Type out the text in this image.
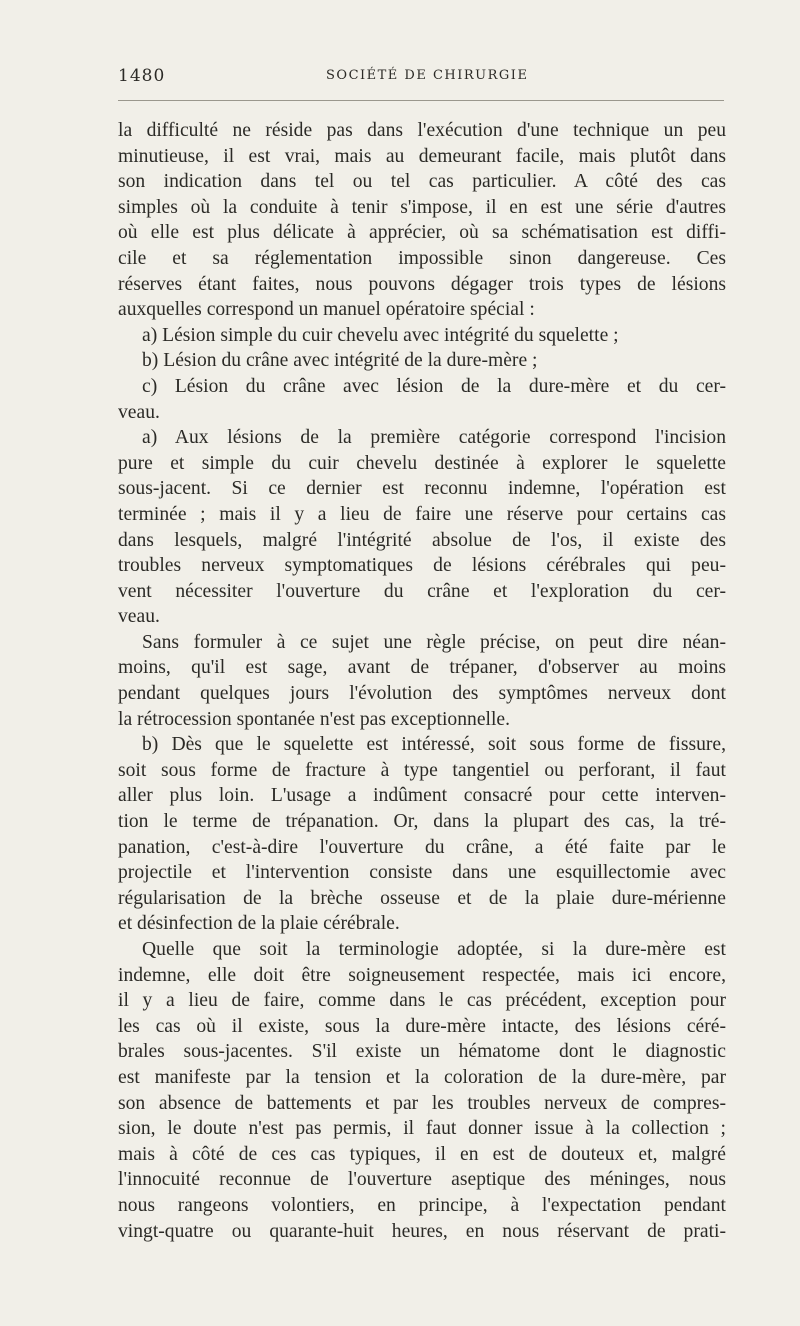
1480	SOCIÉTÉ DE CHIRURGIE
la difficulté ne réside pas dans l'exécution d'une technique un peu
minutieuse, il est vrai, mais au demeurant facile, mais plutôt dans
son indication dans tel ou tel cas particulier. A côté des cas
simples où la conduite à tenir s'impose, il en est une série d'autres
où elle est plus délicate à apprécier, où sa schématisation est diffi-
cile et sa réglementation impossible sinon dangereuse. Ces
réserves étant faites, nous pouvons dégager trois types de lésions
auxquelles correspond un manuel opératoire spécial :
a) Lésion simple du cuir chevelu avec intégrité du squelette ;
b) Lésion du crâne avec intégrité de la dure-mère ;
c) Lésion du crâne avec lésion de la dure-mère et du cer-
veau.
a) Aux lésions de la première catégorie correspond l'incision
pure et simple du cuir chevelu destinée à explorer le squelette
sous-jacent. Si ce dernier est reconnu indemne, l'opération est
terminée ; mais il y a lieu de faire une réserve pour certains cas
dans lesquels, malgré l'intégrité absolue de l'os, il existe des
troubles nerveux symptomatiques de lésions cérébrales qui peu-
vent nécessiter l'ouverture du crâne et l'exploration du cer-
veau.
Sans formuler à ce sujet une règle précise, on peut dire néan-
moins, qu'il est sage, avant de trépaner, d'observer au moins
pendant quelques jours l'évolution des symptômes nerveux dont
la rétrocession spontanée n'est pas exceptionnelle.
b) Dès que le squelette est intéressé, soit sous forme de fissure,
soit sous forme de fracture à type tangentiel ou perforant, il faut
aller plus loin. L'usage a indûment consacré pour cette interven-
tion le terme de trépanation. Or, dans la plupart des cas, la tré-
panation, c'est-à-dire l'ouverture du crâne, a été faite par le
projectile et l'intervention consiste dans une esquillectomie avec
régularisation de la brèche osseuse et de la plaie dure-mérienne
et désinfection de la plaie cérébrale.
Quelle que soit la terminologie adoptée, si la dure-mère est
indemne, elle doit être soigneusement respectée, mais ici encore,
il y a lieu de faire, comme dans le cas précédent, exception pour
les cas où il existe, sous la dure-mère intacte, des lésions céré-
brales sous-jacentes. S'il existe un hématome dont le diagnostic
est manifeste par la tension et la coloration de la dure-mère, par
son absence de battements et par les troubles nerveux de compres-
sion, le doute n'est pas permis, il faut donner issue à la collection ;
mais à côté de ces cas typiques, il en est de douteux et, malgré
l'innocuité reconnue de l'ouverture aseptique des méninges, nous
nous rangeons volontiers, en principe, à l'expectation pendant
vingt-quatre ou quarante-huit heures, en nous réservant de prati-
